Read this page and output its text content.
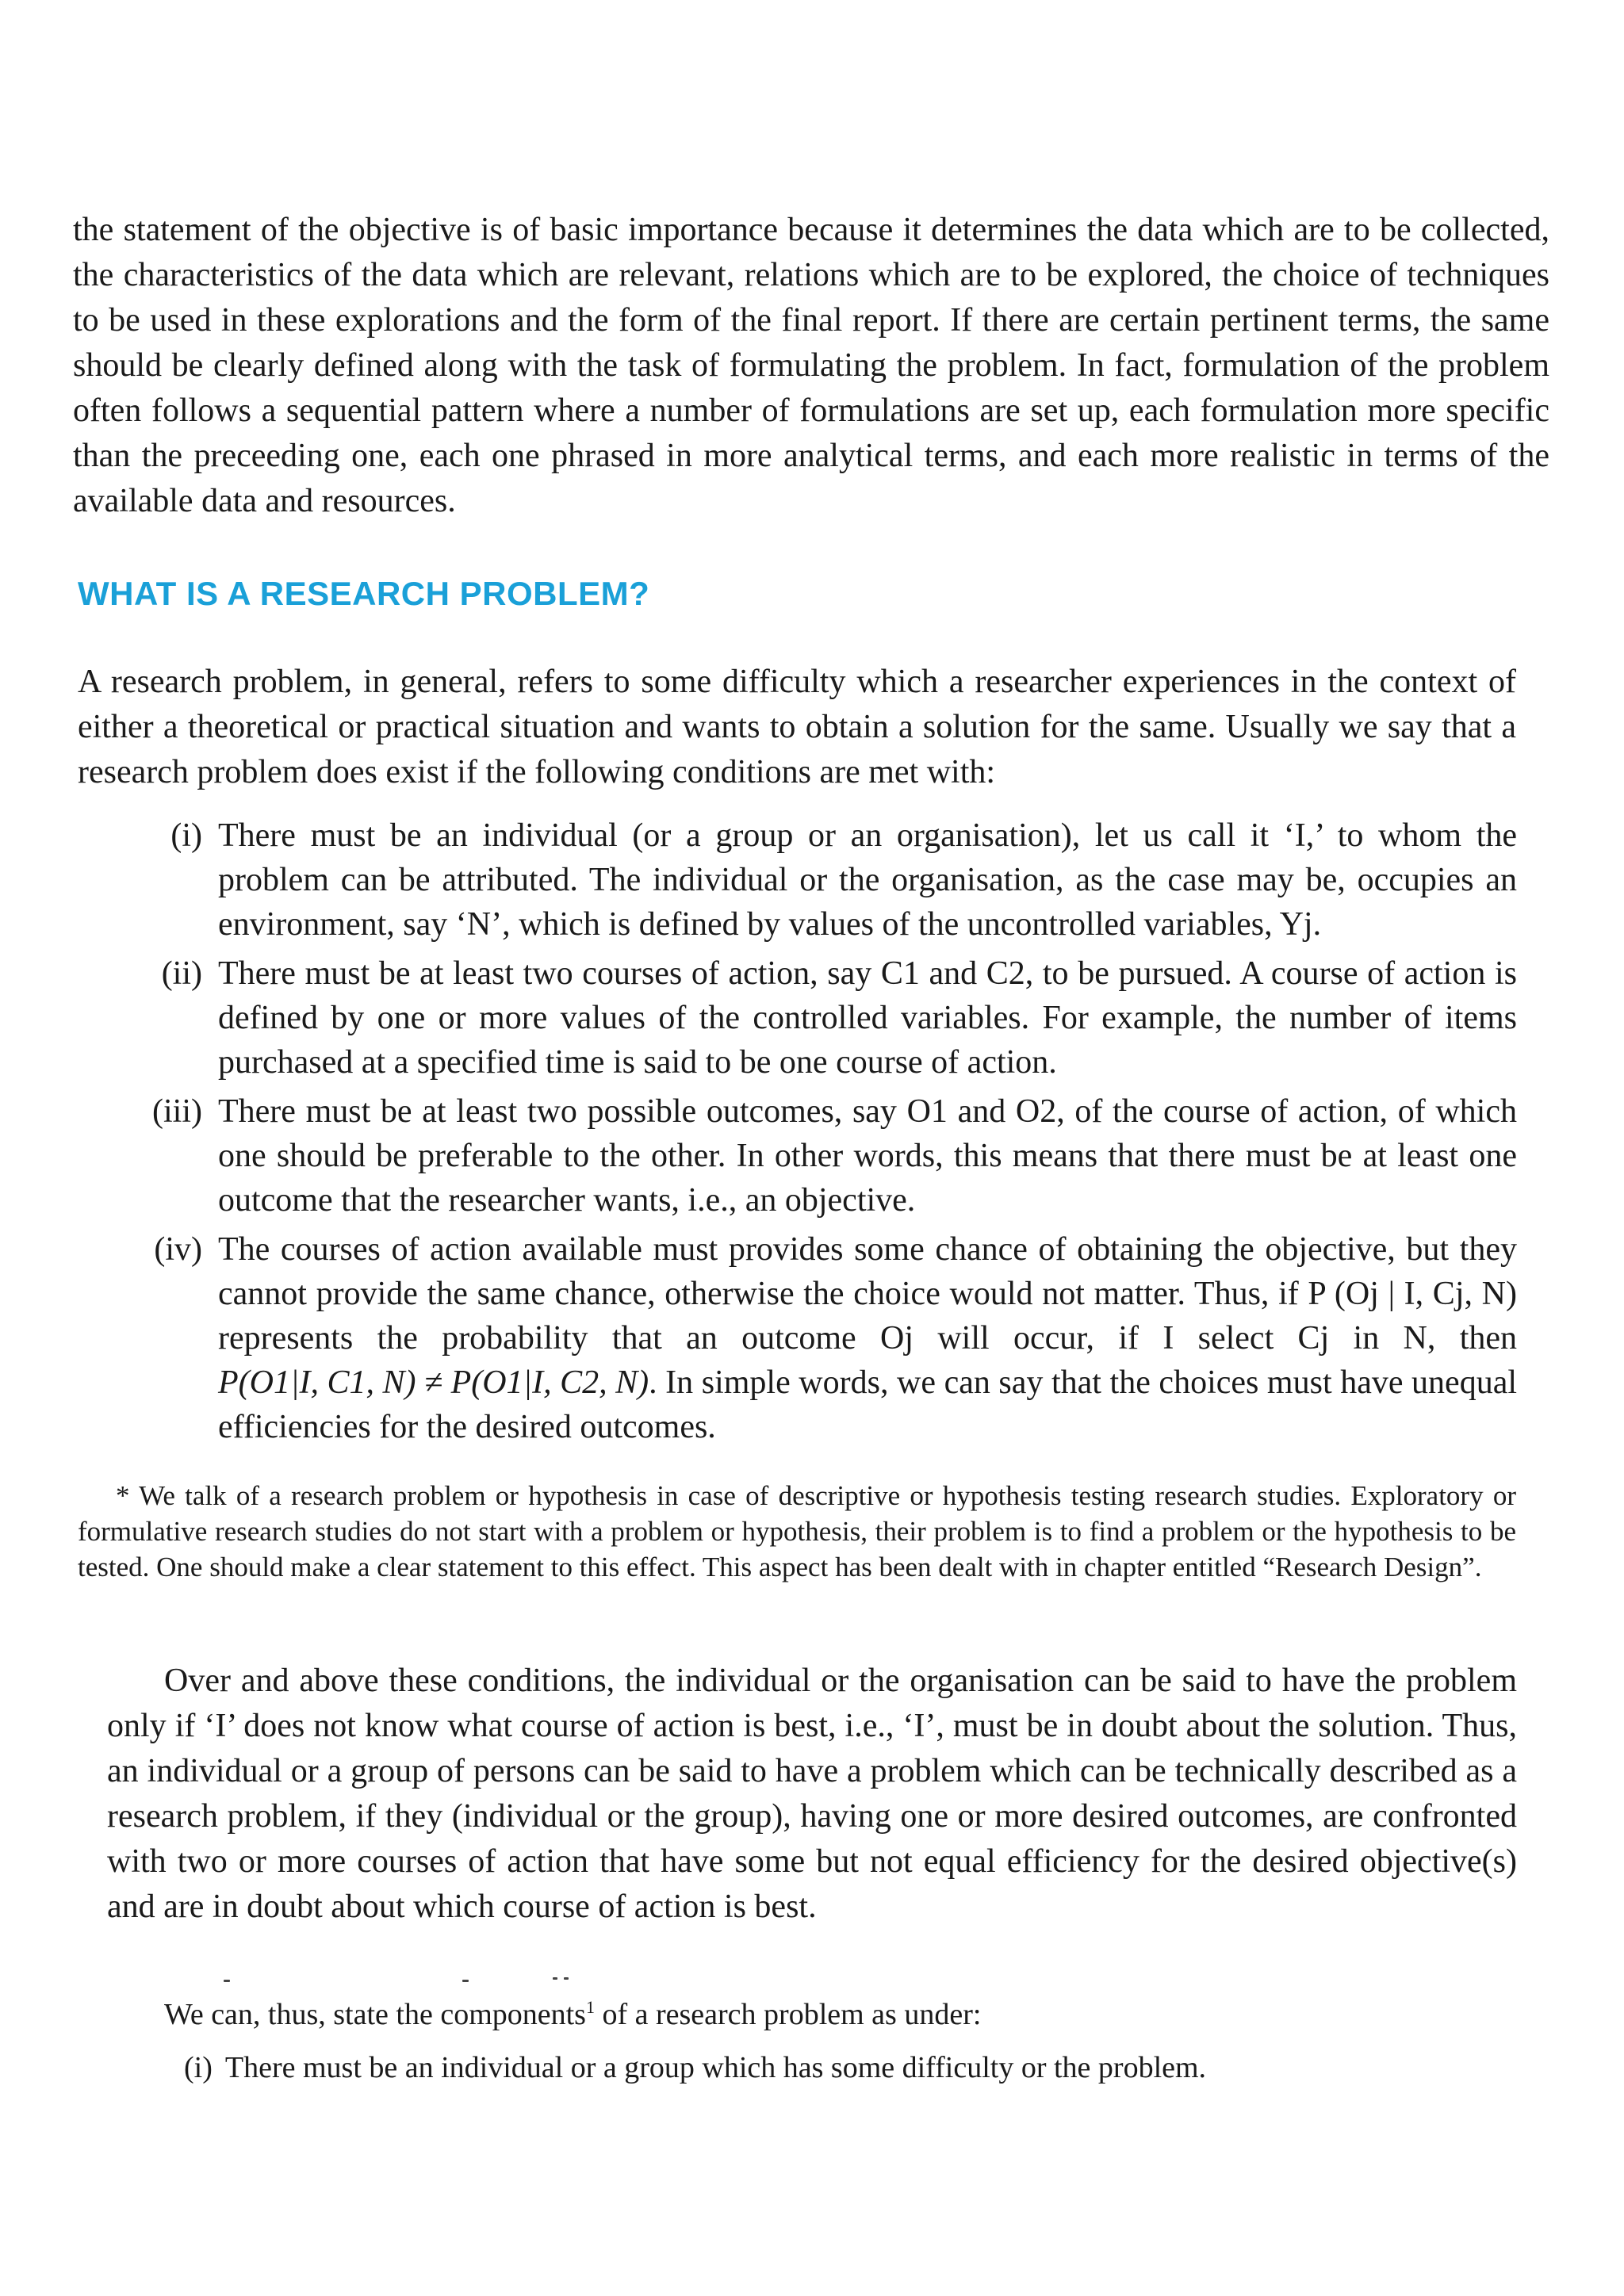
the statement of the objective is of basic importance because it determines the data which are to be collected, the characteristics of the data which are relevant, relations which are to be explored, the choice of techniques to be used in these explorations and the form of the final report. If there are certain pertinent terms, the same should be clearly defined along with the task of formulating the problem. In fact, formulation of the problem often follows a sequential pattern where a number of formulations are set up, each formulation more specific than the preceeding one, each one phrased in more analytical terms, and each more realistic in terms of the available data and resources.

WHAT IS A RESEARCH PROBLEM?

A research problem, in general, refers to some difficulty which a researcher experiences in the context of either a theoretical or practical situation and wants to obtain a solution for the same. Usually we say that a research problem does exist if the following conditions are met with:

(i) There must be an individual (or a group or an organisation), let us call it ‘I,’ to whom the problem can be attributed. The individual or the organisation, as the case may be, occupies an environment, say ‘N’, which is defined by values of the uncontrolled variables, Yj.
(ii) There must be at least two courses of action, say C1 and C2, to be pursued. A course of action is defined by one or more values of the controlled variables. For example, the number of items purchased at a specified time is said to be one course of action.
(iii) There must be at least two possible outcomes, say O1 and O2, of the course of action, of which one should be preferable to the other. In other words, this means that there must be at least one outcome that the researcher wants, i.e., an objective.
(iv) The courses of action available must provides some chance of obtaining the objective, but they cannot provide the same chance, otherwise the choice would not matter. Thus, if P (Oj | I, Cj, N) represents the probability that an outcome Oj will occur, if I select Cj in N, then P(O1|I, C1, N) ≠ P(O1|I, C2, N). In simple words, we can say that the choices must have unequal efficiencies for the desired outcomes.

* We talk of a research problem or hypothesis in case of descriptive or hypothesis testing research studies. Exploratory or formulative research studies do not start with a problem or hypothesis, their problem is to find a problem or the hypothesis to be tested. One should make a clear statement to this effect. This aspect has been dealt with in chapter entitled “Research Design”.

Over and above these conditions, the individual or the organisation can be said to have the problem only if ‘I’ does not know what course of action is best, i.e., ‘I’, must be in doubt about the solution. Thus, an individual or a group of persons can be said to have a problem which can be technically described as a research problem, if they (individual or the group), having one or more desired outcomes, are confronted with two or more courses of action that have some but not equal efficiency for the desired objective(s) and are in doubt about which course of action is best.

We can, thus, state the components$^1$ of a research problem as under:

(i) There must be an individual or a group which has some difficulty or the problem.
